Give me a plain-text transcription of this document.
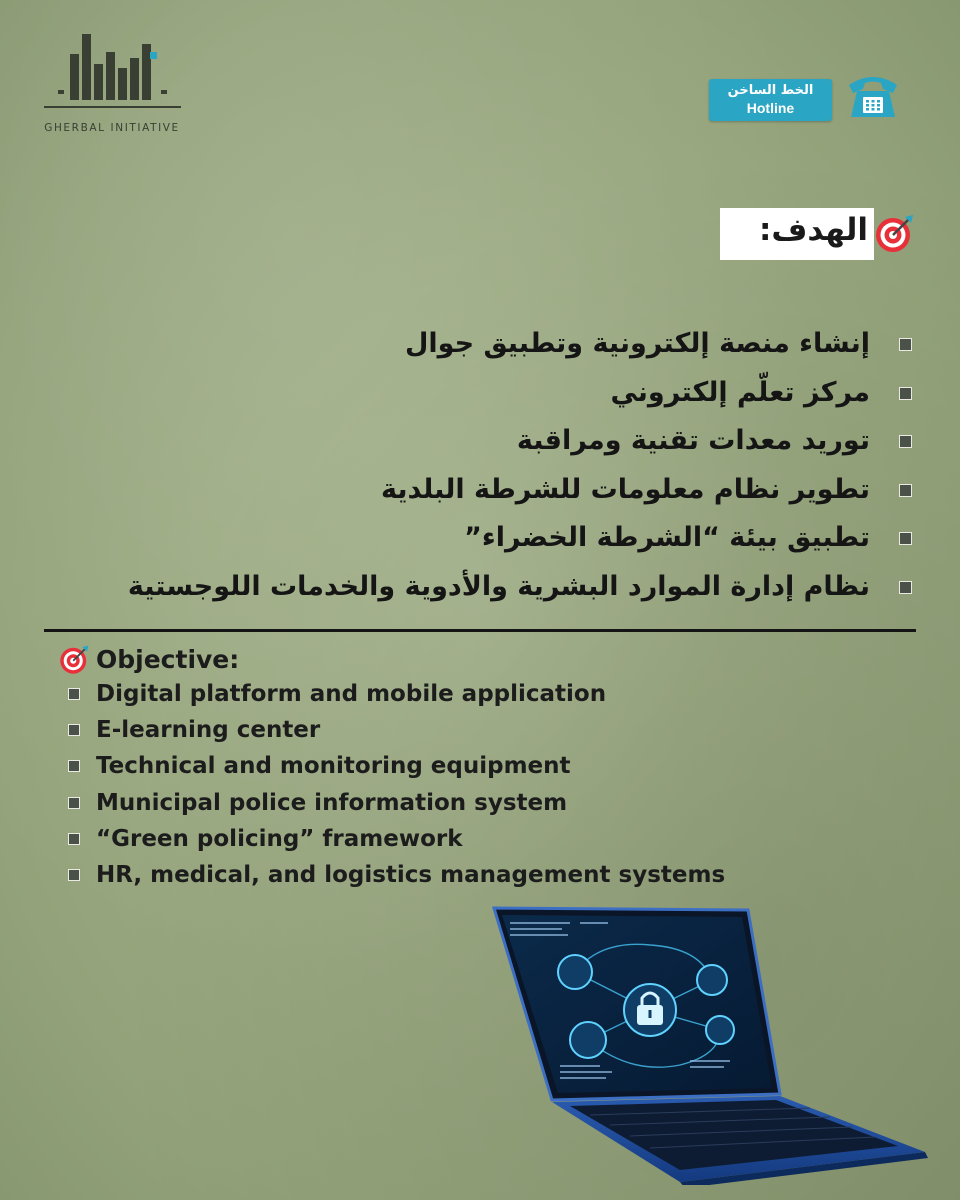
GHERBAL INITIATIVE
الخط الساخن
Hotline
الهدف:
إنشاء منصة إلكترونية وتطبيق جوال
مركز تعلّم إلكتروني
توريد معدات تقنية ومراقبة
تطوير نظام معلومات للشرطة البلدية
تطبيق بيئة “الشرطة الخضراء”
نظام إدارة الموارد البشرية والأدوية والخدمات اللوجستية
Objective:
Digital platform and mobile application
E-learning center
Technical and monitoring equipment
Municipal police information system
“Green policing” framework
HR, medical, and logistics management systems
